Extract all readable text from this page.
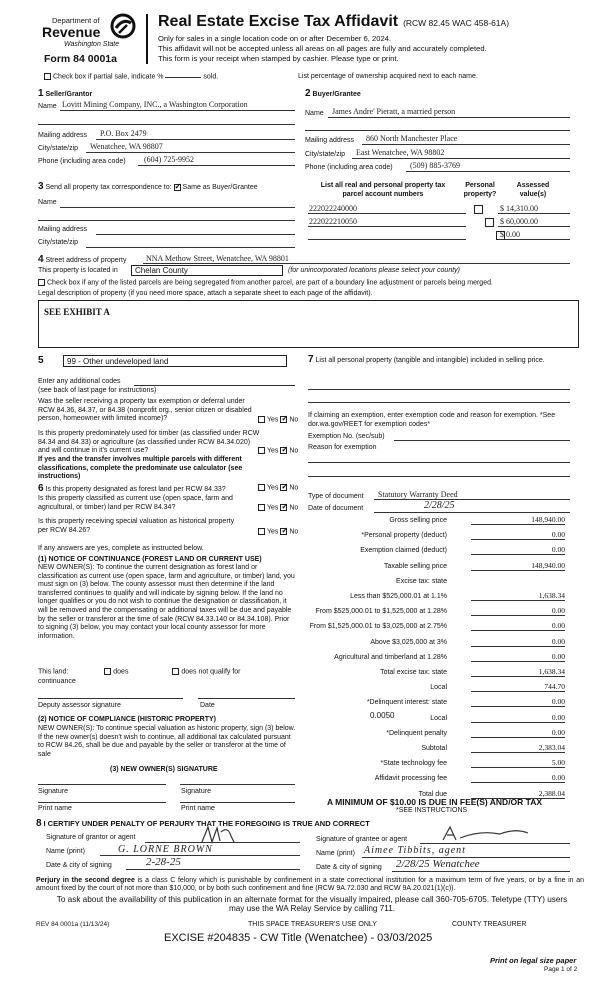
Department of
Revenue
Washington State
Form 84 0001a
Real Estate Excise Tax Affidavit (RCW 82.45 WAC 458-61A)
Only for sales in a single location code on or after December 6, 2024.
This affidavit will not be accepted unless all areas on all pages are fully and accurately completed.
This form is your receipt when stamped by cashier. Please type or print.
Check box if partial sale, indicate %	sold.	List percentage of ownership acquired next to each name.
1 Seller/Grantor
Name Lovitt Mining Company, INC., a Washington Corporation
Mailing address P.O. Box 2479
City/state/zip Wenatchee, WA 98807
Phone (including area code) (604) 725-9952
2 Buyer/Grantee
Name James Andre' Pieratt, a married person
Mailing address 860 North Manchester Place
City/state/zip East Wenatchee, WA 98802
Phone (including area code) (509) 885-3769
3 Send all property tax correspondence to: ✓ Same as Buyer/Grantee
Name
Mailing address
City/state/zip
List all real and personal property tax
parcel account numbers
Personal
property?
Assessed
value(s)
222022240000	$ 14,310.00
222022210050	$ 60,000.00
$ 0.00
4 Street address of property NNA Methow Street, Wenatchee, WA 98801
This property is located in Chelan County	(for unincorporated locations please select your county)
Check box if any of the listed parcels are being segregated from another parcel, are part of a boundary line adjustment or parcels being merged.
Legal description of property (if you need more space, attach a separate sheet to each page of the affidavit).
SEE EXHIBIT A
5	99 - Other undeveloped land
Enter any additional codes
(see back of last page for instructions)
Was the seller receiving a property tax exemption or deferral under RCW 84.36, 84.37, or 84.38 (nonprofit org., senior citizen or disabled person, homeowner with limited income)?	Yes ✓ No
Is this property predominately used for timber (as classified under RCW 84.34 and 84.33) or agriculture (as classified under RCW 84.34.020) and will continue in it's current use?
If yes and the transfer involves multiple parcels with different classifications, complete the predominate use calculator (see instructions)
Yes ✓ No
6 Is this property designated as forest land per RCW 84.33?	Yes ✓ No
Is this property classified as current use (open space, farm and agricultural, or timber) land per RCW 84.34?	Yes ✓ No
Is this property receiving special valuation as historical property per RCW 84.26?	Yes ✓ No
If any answers are yes, complete as instructed below.
(1) NOTICE OF CONTINUANCE (FOREST LAND OR CURRENT USE)
NEW OWNER(S): To continue the current designation as forest land or classification as current use (open space, farm and agriculture, or timber) land, you must sign on (3) below. The county assessor must then determine if the land transferred continues to qualify and will indicate by signing below. If the land no longer qualifies or you do not wish to continue the designation or classification, it will be removed and the compensating or additional taxes will be due and payable by the seller or transferor at the time of sale (RCW 84.33.140 or 84.34.108). Prior to signing (3) below, you may contact your local county assessor for more information.
This land:	does	does not qualify for
continuance
Deputy assessor signature	Date
(2) NOTICE OF COMPLIANCE (HISTORIC PROPERTY)
NEW OWNER(S): To continue special valuation as historic property, sign (3) below. If the new owner(s) doesn't wish to continue, all additional tax calculated pursuant to RCW 84.26, shall be due and payable by the seller or transferor at the time of sale
(3) NEW OWNER(S) SIGNATURE
Signature	Signature
Print name	Print name
7 List all personal property (tangible and intangible) included in selling price.
If claiming an exemption, enter exemption code and reason for exemption. *See dor.wa.gov/REET for exemption codes*
Exemption No. (sec/sub)
Reason for exemption
Type of document Statutory Warranty Deed
Date of document	2/28/25
Gross selling price	148,940.00
*Personal property (deduct)	0.00
Exemption claimed (deduct)	0.00
Taxable selling price	148,940.00
Excise tax: state
Less than $525,000.01 at 1.1%	1,638.34
From $525,000.01 to $1,525,000 at 1.28%	0.00
From $1,525,000.01 to $3,025,000 at 2.75%	0.00
Above $3,025,000 at 3%	0.00
Agricultural and timberland at 1.28%	0.00
Total excise tax: state	1,638.34
Local	744.70
*Delinquent interest: state	0.00
Local	0.00
*Delinquent penalty	0.00
Subtotal	2,383.04
*State technology fee	5.00
Affidavit processing fee	0.00
Total due	2,388.04
0.0050
A MINIMUM OF $10.00 IS DUE IN FEE(S) AND/OR TAX
*SEE INSTRUCTIONS
8 I CERTIFY UNDER PENALTY OF PERJURY THAT THE FOREGOING IS TRUE AND CORRECT
Signature of grantor or agent
Name (print)	G. LORNE BROWN
Date & city of signing	2-28-25
Signature of grantee or agent
Name (print) Aimee Tibbits, agent
Date & city of signing 2/28/25 Wenatchee
Perjury in the second degree is a class C felony which is punishable by confinement in a state correctional institution for a maximum term of five years, or by a fine in an amount fixed by the court of not more than $10,000, or by both such confinement and fine (RCW 9A.72.030 and RCW 9A.20.021(1)(c)).
To ask about the availability of this publication in an alternate format for the visually impaired, please call 360-705-6705. Teletype (TTY) users may use the WA Relay Service by calling 711.
REV 84 0001a (11/13/24)	THIS SPACE TREASURER'S USE ONLY	COUNTY TREASURER
EXCISE #204835 - CW Title (Wenatchee) - 03/03/2025
Print on legal size paper
Page 1 of 2
